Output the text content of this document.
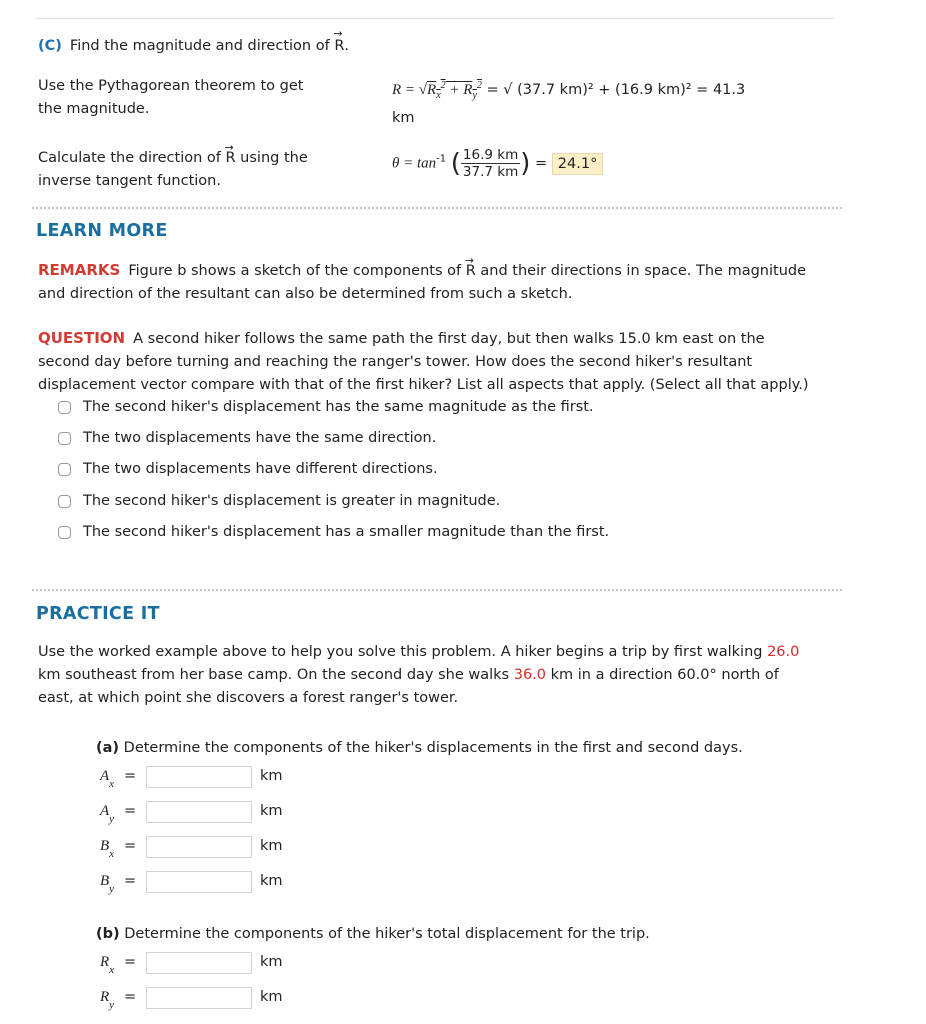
(C) Find the magnitude and direction of → R.
Use the Pythagorean theorem to get
the magnitude.
$R = √R_x^2 + R_y^2$ = √ (37.7 km)² + (16.9 km)² = 41.3
km
Calculate the direction of → R using the
inverse tangent function.
$\theta = \tan^{-1}$ ( $\frac{16.9 km}{37.7 km}$ ) = 24.1°
LEARN MORE
REMARKS Figure b shows a sketch of the components of → R and their directions in space. The magnitude
and direction of the resultant can also be determined from such a sketch.
QUESTION A second hiker follows the same path the first day, but then walks 15.0 km east on the
second day before turning and reaching the ranger's tower. How does the second hiker's resultant
displacement vector compare with that of the first hiker? List all aspects that apply. (Select all that apply.)
The second hiker's displacement has the same magnitude as the first.
The two displacements have the same direction.
The two displacements have different directions.
The second hiker's displacement is greater in magnitude.
The second hiker's displacement has a smaller magnitude than the first.
PRACTICE IT
Use the worked example above to help you solve this problem. A hiker begins a trip by first walking 26.0
km southeast from her base camp. On the second day she walks 36.0 km in a direction 60.0° north of
east, at which point she discovers a forest ranger's tower.
(a) Determine the components of the hiker's displacements in the first and second days.
$A_x$ =	km
$A_y$ =	km
$B_x$ =	km
$B_y$ =	km
(b) Determine the components of the hiker's total displacement for the trip.
$R_x$ =	km
$R_y$ =	km
